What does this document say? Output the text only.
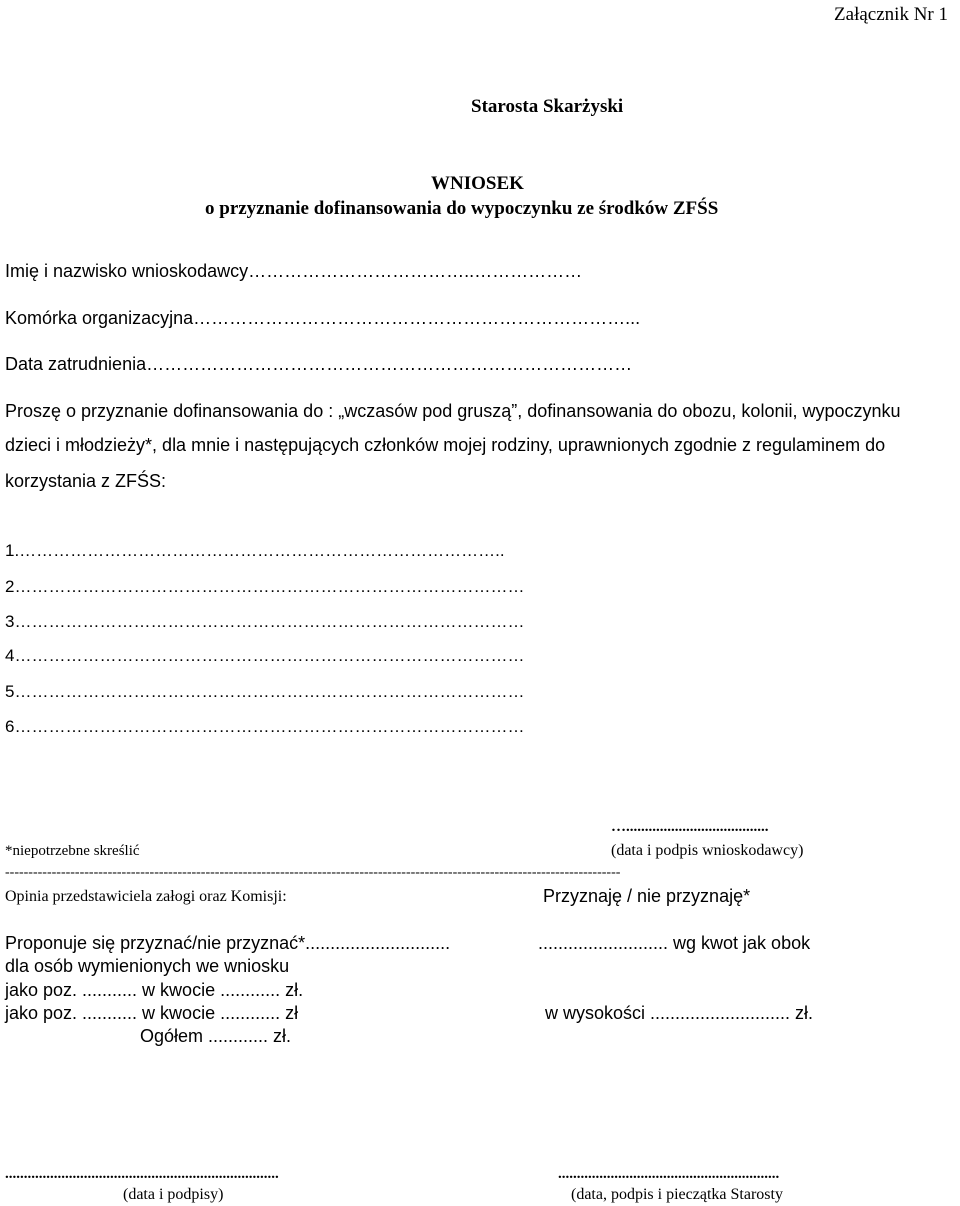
Załącznik Nr 1
Starosta Skarżyski
WNIOSEK
o przyznanie dofinansowania do wypoczynku ze środków ZFŚS
Imię i nazwisko wnioskodawcy………………………………..………………
Komórka organizacyjna………………………………………………………………...
Data zatrudnienia………………………………………………………………………
Proszę o przyznanie dofinansowania do : „wczasów pod gruszą”, dofinansowania do obozu, kolonii, wypoczynku
dzieci i młodzieży*, dla mnie i następujących członków mojej rodziny, uprawnionych zgodnie z regulaminem do
korzystania z ZFŚS:
1.…………………………………………………………………………..
2………………………………………………………………………………
3………………………………………………………………………………
4………………………………………………………………………………
5………………………………………………………………………………
6………………………………………………………………………………
…......................................
*niepotrzebne skreślić	(data i podpis wnioskodawcy)
------------------------------------------------------------------------------------------------------------------------------------
Opinia przedstawiciela załogi oraz Komisji:
Proponuje się przyznać/nie przyznać*.............................
dla osób wymienionych we wniosku
jako poz. ........... w kwocie ............ zł.
jako poz. ........... w kwocie ............ zł
Ogółem ............ zł.
Przyznaję / nie przyznaję*
.......................... wg kwot jak obok
w wysokości ............................ zł.
.........................................................................
(data i podpisy)
...........................................................
(data, podpis i pieczątka Starosty
